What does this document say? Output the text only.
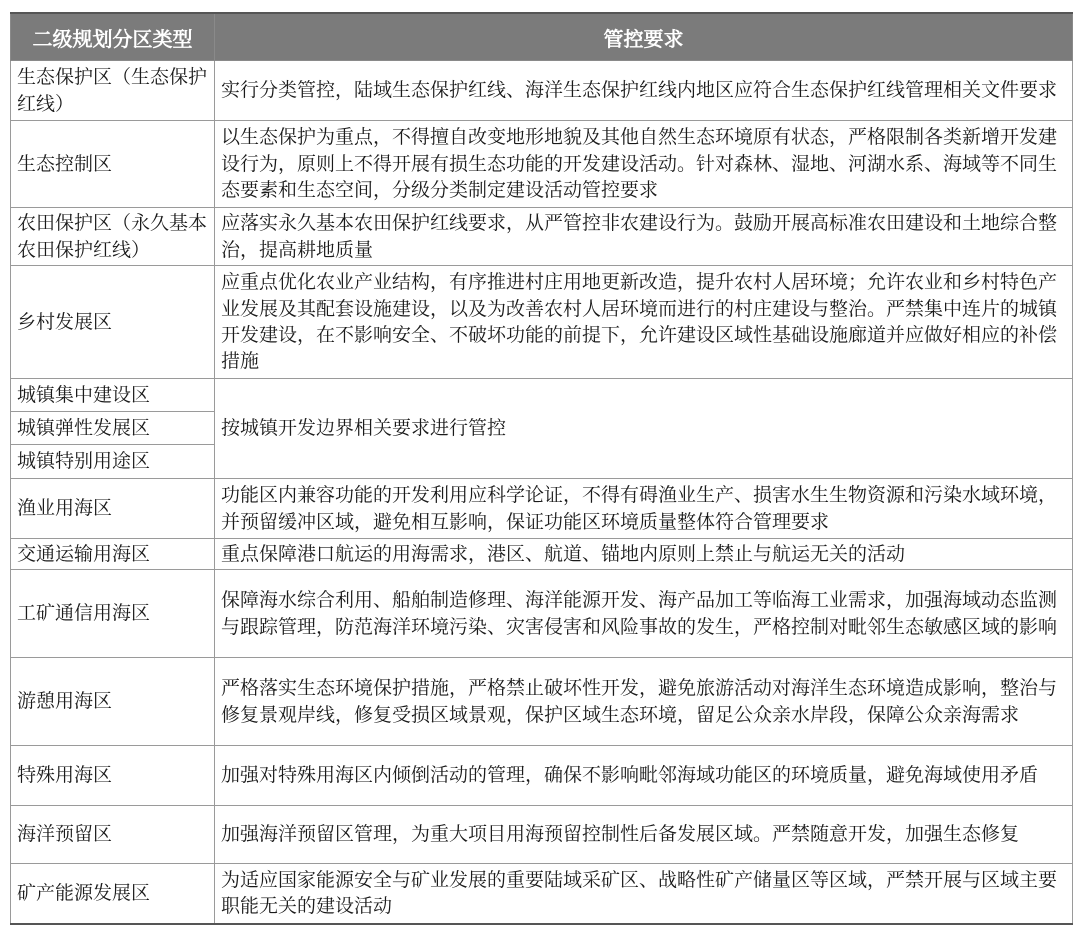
二级规划分区类型	管控要求
生态保护区（生态保护红线）	实行分类管控，陆域生态保护红线、海洋生态保护红线内地区应符合生态保护红线管理相关文件要求
生态控制区	以生态保护为重点，不得擅自改变地形地貌及其他自然生态环境原有状态，严格限制各类新增开发建设行为，原则上不得开展有损生态功能的开发建设活动。针对森林、湿地、河湖水系、海域等不同生态要素和生态空间，分级分类制定建设活动管控要求
农田保护区（永久基本农田保护红线）	应落实永久基本农田保护红线要求，从严管控非农建设行为。鼓励开展高标准农田建设和土地综合整治，提高耕地质量
乡村发展区	应重点优化农业产业结构，有序推进村庄用地更新改造，提升农村人居环境；允许农业和乡村特色产业发展及其配套设施建设，以及为改善农村人居环境而进行的村庄建设与整治。严禁集中连片的城镇开发建设，在不影响安全、不破坏功能的前提下，允许建设区域性基础设施廊道并应做好相应的补偿措施
城镇集中建设区	按城镇开发边界相关要求进行管控
城镇弹性发展区	
城镇特别用途区	
渔业用海区	功能区内兼容功能的开发利用应科学论证，不得有碍渔业生产、损害水生生物资源和污染水域环境，并预留缓冲区域，避免相互影响，保证功能区环境质量整体符合管理要求
交通运输用海区	重点保障港口航运的用海需求，港区、航道、锚地内原则上禁止与航运无关的活动
工矿通信用海区	保障海水综合利用、船舶制造修理、海洋能源开发、海产品加工等临海工业需求，加强海域动态监测与跟踪管理，防范海洋环境污染、灾害侵害和风险事故的发生，严格控制对毗邻生态敏感区域的影响
游憩用海区	严格落实生态环境保护措施，严格禁止破坏性开发，避免旅游活动对海洋生态环境造成影响，整治与修复景观岸线，修复受损区域景观，保护区域生态环境，留足公众亲水岸段，保障公众亲海需求
特殊用海区	加强对特殊用海区内倾倒活动的管理，确保不影响毗邻海域功能区的环境质量，避免海域使用矛盾
海洋预留区	加强海洋预留区管理，为重大项目用海预留控制性后备发展区域。严禁随意开发，加强生态修复
矿产能源发展区	为适应国家能源安全与矿业发展的重要陆域采矿区、战略性矿产储量区等区域，严禁开展与区域主要职能无关的建设活动
